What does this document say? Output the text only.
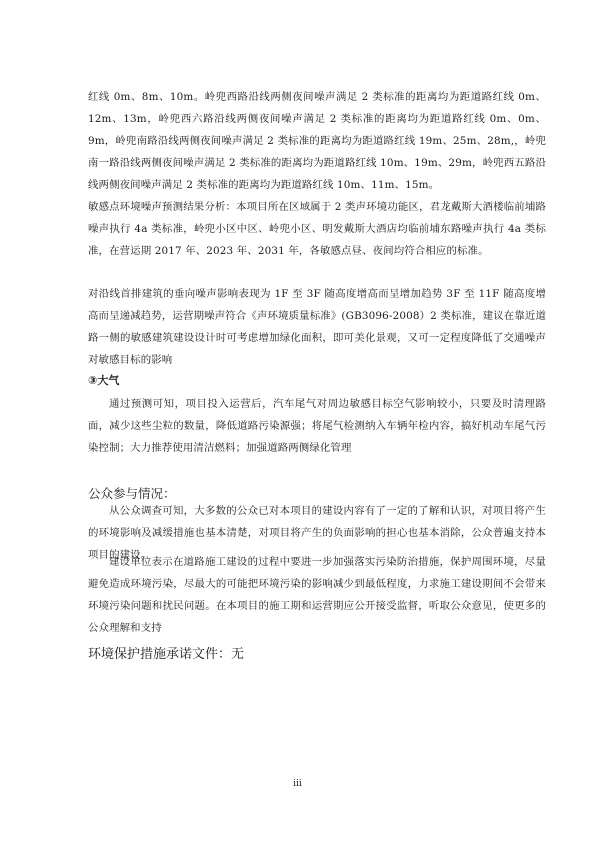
红线 0m、8m、10m。岭兜西路沿线两侧夜间噪声满足 2 类标准的距离均为距道路红线 0m、12m、13m，岭兜西六路沿线两侧夜间噪声满足 2 类标准的距离均为距道路红线 0m、0m、9m，岭兜南路沿线两侧夜间噪声满足 2 类标准的距离均为距道路红线 19m、25m、28m,，岭兜南一路沿线两侧夜间噪声满足 2 类标准的距离均为距道路红线 10m、19m、29m，岭兜西五路沿线两侧夜间噪声满足 2 类标准的距离均为距道路红线 10m、11m、15m。

敏感点环境噪声预测结果分析：本项目所在区域属于 2 类声环境功能区，君龙戴斯大酒楼临前埔路噪声执行 4a 类标准，岭兜小区中区、岭兜小区、明发戴斯大酒店均临前埔东路噪声执行 4a 类标准，在营运期 2017 年、2023 年、2031 年，各敏感点昼、夜间均符合相应的标准。

对沿线首排建筑的垂向噪声影响表现为 1F 至 3F 随高度增高而呈增加趋势 3F 至 11F 随高度增高而呈递减趋势，运营期噪声符合《声环境质量标准》(GB3096-2008）2 类标准，建议在靠近道路一侧的敏感建筑建设设计时可考虑增加绿化面积，即可美化景观，又可一定程度降低了交通噪声对敏感目标的影响

③大气

通过预测可知，项目投入运营后，汽车尾气对周边敏感目标空气影响较小，只要及时清理路面，减少这些尘粒的数量，降低道路污染源强；将尾气检测纳入车辆年检内容，搞好机动车尾气污染控制；大力推荐使用清洁燃料；加强道路两侧绿化管理

公众参与情况：

从公众调查可知，大多数的公众已对本项目的建设内容有了一定的了解和认识，对项目将产生的环境影响及减缓措施也基本清楚，对项目将产生的负面影响的担心也基本消除，公众普遍支持本项目的建设。

建设单位表示在道路施工建设的过程中要进一步加强落实污染防治措施，保护周围环境，尽量避免造成环境污染，尽最大的可能把环境污染的影响减少到最低程度，力求施工建设期间不会带来环境污染问题和扰民问题。在本项目的施工期和运营期应公开接受监督，听取公众意见，使更多的公众理解和支持

环境保护措施承诺文件：无

iii
